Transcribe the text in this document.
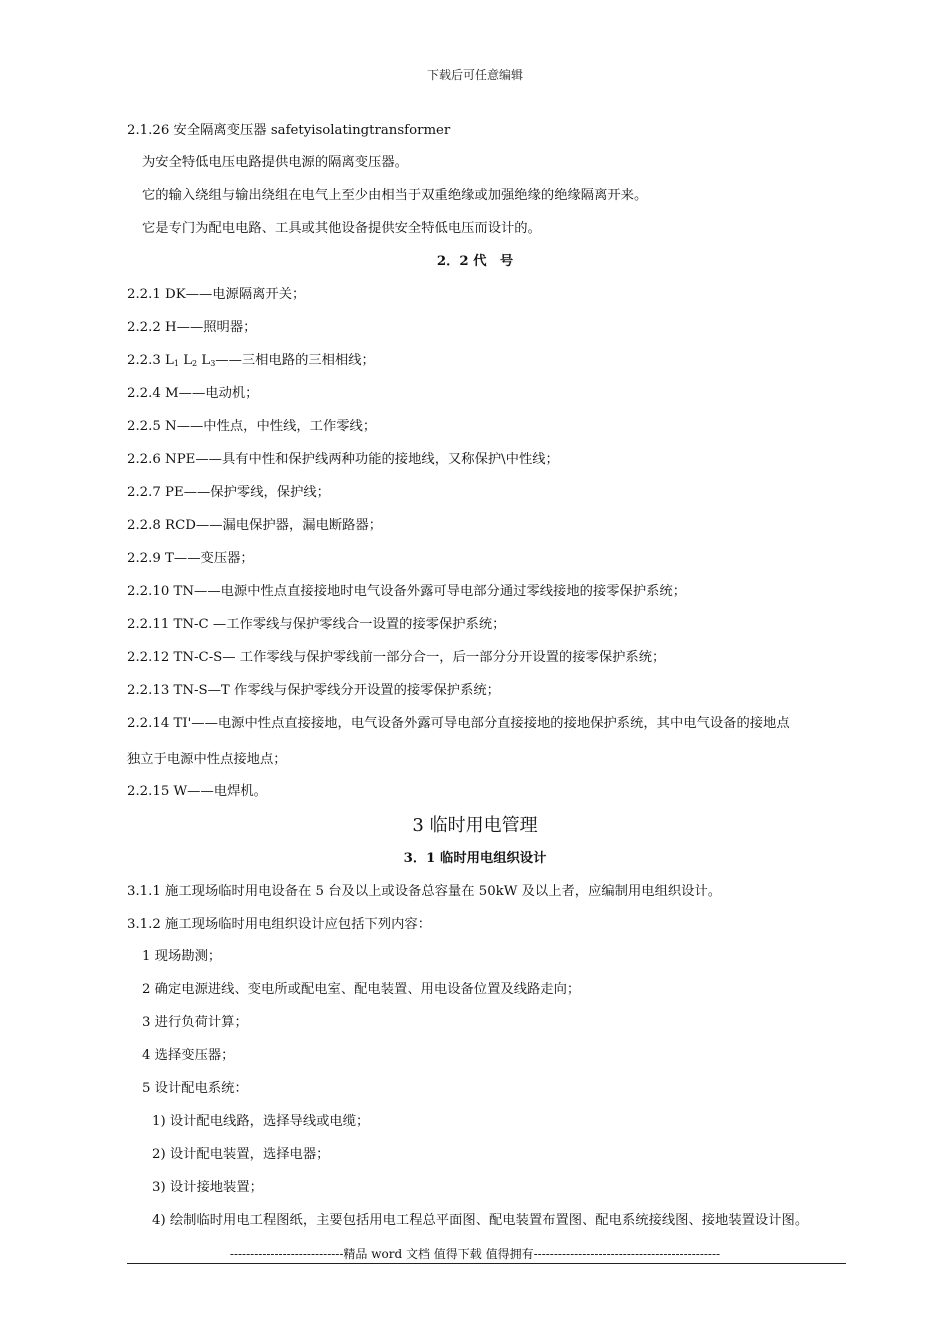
下载后可任意编辑
2.1.26 安全隔离变压器 safetyisolatingtransformer
为安全特低电压电路提供电源的隔离变压器。
它的输入绕组与输出绕组在电气上至少由相当于双重绝缘或加强绝缘的绝缘隔离开来。
它是专门为配电电路、工具或其他设备提供安全特低电压而设计的。
2．2 代　号
2.2.1 DK——电源隔离开关；
2.2.2 H——照明器；
2.2.3 $L_1$ $L_2$ $L_3——$三相电路的三相相线；
2.2.4 M——电动机；
2.2.5 N——中性点，中性线，工作零线；
2.2.6 NPE——具有中性和保护线两种功能的接地线，又称保护\中性线；
2.2.7 PE——保护零线，保护线；
2.2.8 RCD——漏电保护器，漏电断路器；
2.2.9 T——变压器；
2.2.10 TN——电源中性点直接接地时电气设备外露可导电部分通过零线接地的接零保护系统；
2.2.11 TN-C —工作零线与保护零线合一设置的接零保护系统；
2.2.12 TN-C-S— 工作零线与保护零线前一部分合一，后一部分分开设置的接零保护系统；
2.2.13 TN-S—T 作零线与保护零线分开设置的接零保护系统；
2.2.14 TI'——电源中性点直接接地，电气设备外露可导电部分直接接地的接地保护系统，其中电气设备的接地点
独立于电源中性点接地点；
2.2.15 W——电焊机。
3 临时用电管理
3．1 临时用电组织设计
3.1.1 施工现场临时用电设备在 5 台及以上或设备总容量在 50kW 及以上者，应编制用电组织设计。
3.1.2 施工现场临时用电组织设计应包括下列内容：
1 现场勘测；
2 确定电源进线、变电所或配电室、配电装置、用电设备位置及线路走向；
3 进行负荷计算；
4 选择变压器；
5 设计配电系统：
1) 设计配电线路，选择导线或电缆；
2) 设计配电装置，选择电器；
3) 设计接地装置；
4) 绘制临时用电工程图纸，主要包括用电工程总平面图、配电装置布置图、配电系统接线图、接地装置设计图。
----------------------------精品 word 文档 值得下载 值得拥有----------------------------------------------
